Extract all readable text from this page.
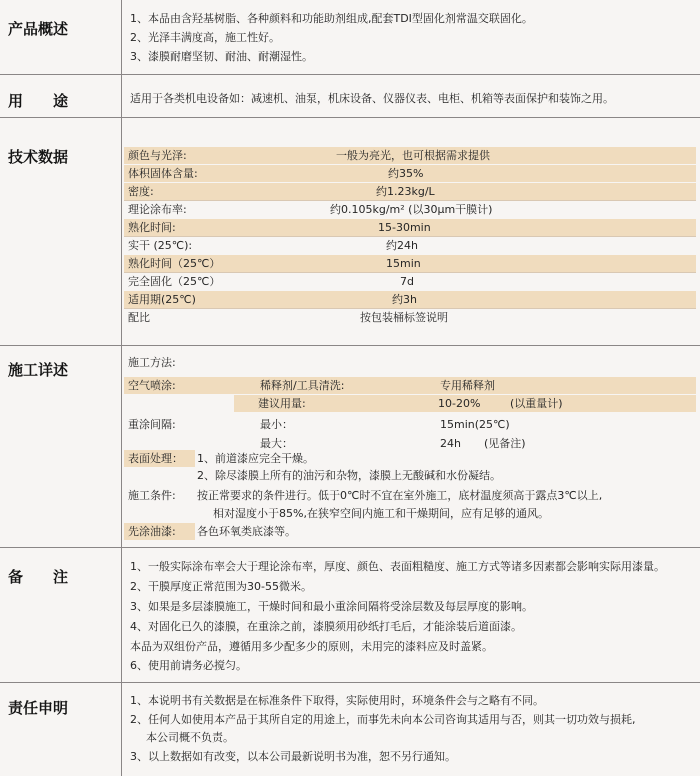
产品概述
1、本品由含羟基树脂、各种颜料和功能助剂组成,配套TDI型固化剂常温交联固化。
2、光泽丰满度高，施工性好。
3、漆膜耐磨坚韧、耐油、耐潮湿性。
用　　途	适用于各类机电设备如：减速机、油泵，机床设备、仪器仪表、电柜、机箱等表面保护和装饰之用。
技术数据	颜色与光泽:	一般为亮光，也可根据需求提供
体积固体含量:	约35%
密度:	约1.23kg/L
理论涂布率:	约0.105kg/m² (以30μm干膜计)
熟化时间:	15-30min
实干 (25℃):	约24h
熟化时间（25℃）	15min
完全固化（25℃）	7d
适用期(25℃)	约3h
配比	按包装桶标签说明
施工详述	施工方法:
空气喷涂:	稀释剂/工具清洗:	专用稀释剂
建议用量:	10-20%	(以重量计)
重涂间隔:	最小：	15min(25℃)
最大：	24h (见备注)
表面处理： 1、前道漆应完全干燥。
2、除尽漆膜上所有的油污和杂物，漆膜上无酸碱和水份凝结。
施工条件: 按正常要求的条件进行。低于0℃时不宜在室外施工，底材温度须高于露点3℃以上,
相对湿度小于85%,在狭窄空间内施工和干燥期间，应有足够的通风。
先涂油漆: 各色环氧类底漆等。
备　　注
1、一般实际涂布率会大于理论涂布率，厚度、颜色、表面粗糙度、施工方式等诸多因素都会影响实际用漆量。
2、干膜厚度正常范围为30-55微米。
3、如果是多层漆膜施工，干燥时间和最小重涂间隔将受涂层数及每层厚度的影响。
4、对固化已久的漆膜，在重涂之前，漆膜须用砂纸打毛后，才能涂装后道面漆。
本品为双组份产品，遵循用多少配多少的原则，未用完的漆料应及时盖紧。
6、使用前请务必搅匀。
责任申明	1、本说明书有关数据是在标准条件下取得，实际使用时，环境条件会与之略有不同。
2、任何人如使用本产品于其所自定的用途上，而事先未向本公司咨询其适用与否，则其一切功效与损耗,
本公司概不负责。
3、以上数据如有改变，以本公司最新说明书为准，恕不另行通知。
